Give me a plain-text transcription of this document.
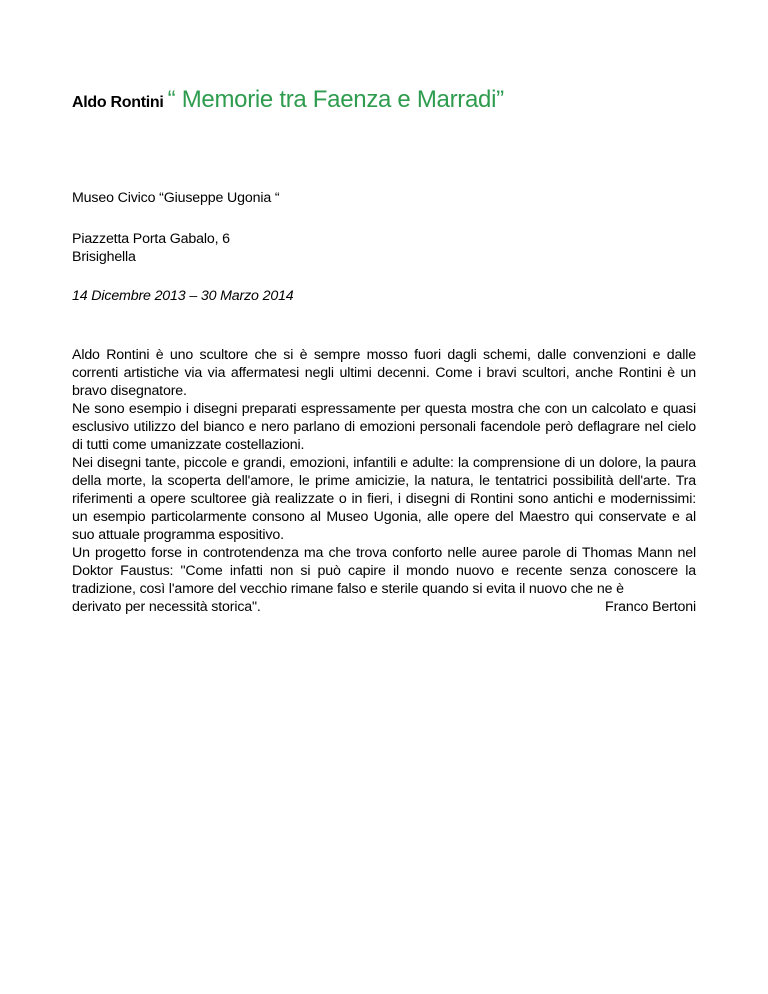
Aldo Rontini “ Memorie tra Faenza e Marradi”
Museo Civico “Giuseppe Ugonia “
Piazzetta Porta Gabalo, 6
Brisighella
14 Dicembre 2013 – 30 Marzo 2014

Aldo Rontini è uno scultore che si è sempre mosso fuori dagli schemi, dalle convenzioni e dalle correnti artistiche via via affermatesi negli ultimi decenni. Come i bravi scultori, anche Rontini è un bravo disegnatore.

Ne sono esempio i disegni preparati espressamente per questa mostra che con un calcolato e quasi esclusivo utilizzo del bianco e nero parlano di emozioni personali facendole però deflagrare nel cielo di tutti come umanizzate costellazioni.

Nei disegni tante, piccole e grandi, emozioni, infantili e adulte: la comprensione di un dolore, la paura della morte, la scoperta dell'amore, le prime amicizie, la natura, le tentatrici possibilità dell'arte. Tra riferimenti a opere scultoree già realizzate o in fieri, i disegni di Rontini sono antichi e modernissimi: un esempio particolarmente consono al Museo Ugonia, alle opere del Maestro qui conservate e al suo attuale programma espositivo.

Un progetto forse in controtendenza ma che trova conforto nelle auree parole di Thomas Mann nel Doktor Faustus: "Come infatti non si può capire il mondo nuovo e recente senza conoscere la tradizione, così l'amore del vecchio rimane falso e sterile quando si evita il nuovo che ne è

derivato per necessità storica".	Franco Bertoni
